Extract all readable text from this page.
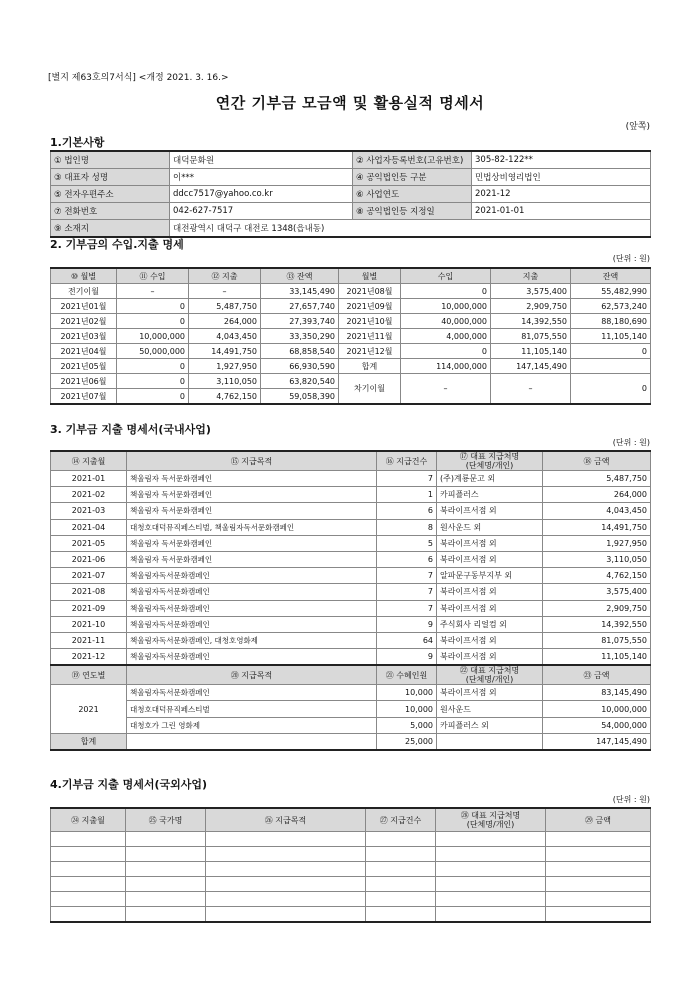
[별지 제63호의7서식] <개정 2021. 3. 16.>
연간 기부금 모금액 및 활용실적 명세서
(앞쪽)
1.기본사항
① 법인명	대덕문화원	② 사업자등록번호(고유번호)	305-82-122**
③ 대표자 성명	이***	④ 공익법인등 구분	민법상비영리법인
⑤ 전자우편주소	ddcc7517@yahoo.co.kr	⑥ 사업연도	2021-12
⑦ 전화번호	042-627-7517	⑧ 공익법인등 지정일	2021-01-01
⑨ 소재지	대전광역시 대덕구 대전로 1348(읍내동)		
2. 기부금의 수입.지출 명세
(단위 : 원)
⑩ 월별	⑪ 수입	⑫ 지출	⑬ 잔액	월별	수입	지출	잔액
전기이월	–	–	33,145,490	2021년08월	0	3,575,400	55,482,990
2021년01월	0	5,487,750	27,657,740	2021년09월	10,000,000	2,909,750	62,573,240
2021년02월	0	264,000	27,393,740	2021년10월	40,000,000	14,392,550	88,180,690
2021년03월	10,000,000	4,043,450	33,350,290	2021년11월	4,000,000	81,075,550	11,105,140
2021년04월	50,000,000	14,491,750	68,858,540	2021년12월	0	11,105,140	0
2021년05월	0	1,927,950	66,930,590	합계	114,000,000	147,145,490	
2021년06월	0	3,110,050	63,820,540	차기이월	–	–	0
2021년07월	0	4,762,150	59,058,390				
3. 기부금 지출 명세서(국내사업)
(단위 : 원)
⑭ 지출월	⑮ 지급목적	⑯ 지급건수	⑰ 대표 지급처명
(단체명/개인)	⑱ 금액
2021-01	책울림자 독서문화캠페인	7	(주)계룡문고 외	5,487,750
2021-02	책울림자 독서문화캠페인	1	카피플러스	264,000
2021-03	책울림자 독서문화캠페인	6	북라이프서점 외	4,043,450
2021-04	대청호대덕뮤직페스티벌, 책울림자독서문화캠페인	8	원사운드 외	14,491,750
2021-05	책울림자 독서문화캠페인	5	북라이프서점 외	1,927,950
2021-06	책울림자 독서문화캠페인	6	북라이프서점 외	3,110,050
2021-07	책울림자독서문화캠페인	7	알파문구동부지부 외	4,762,150
2021-08	책울림자독서문화캠페인	7	북라이프서점 외	3,575,400
2021-09	책울림자독서문화캠페인	7	북라이프서점 외	2,909,750
2021-10	책울림자독서문화캠페인	9	주식회사 리얼컴 외	14,392,550
2021-11	책울림자독서문화캠페인, 대청호영화제	64	북라이프서점 외	81,075,550
2021-12	책울림자독서문화캠페인	9	북라이프서점 외	11,105,140
⑲ 연도별	⑳ 지급목적	㉑ 수혜인원	㉒ 대표 지급처명
(단체명/개인)	㉓ 금액
2021	책울림자독서문화캠페인	10,000	북라이프서점 외	83,145,490
	대청호대덕뮤직페스티벌	10,000	원사운드	10,000,000
	대청호가 그린 영화제	5,000	카피플러스 외	54,000,000
합계		25,000		147,145,490
4.기부금 지출 명세서(국외사업)
(단위 : 원)
㉔ 지출월	㉕ 국가명	㉖ 지급목적	㉗ 지급건수	㉘ 대표 지급처명
(단체명/개인)	㉙ 금액
